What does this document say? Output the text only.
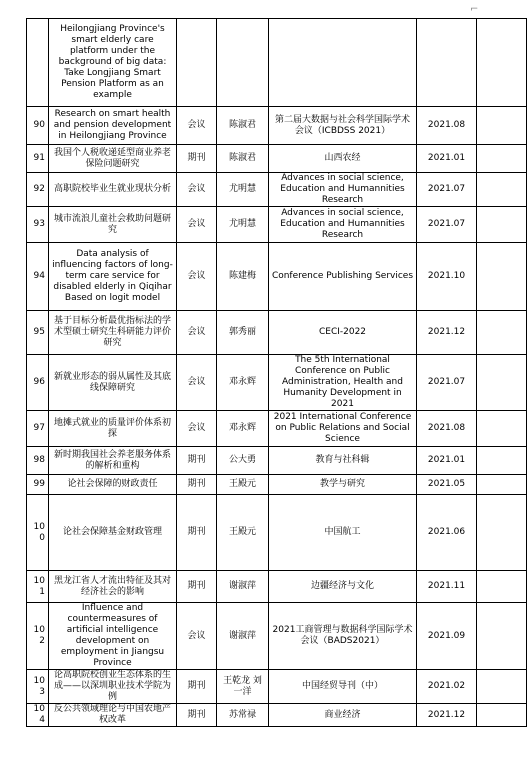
⌐
	Heilongjiang Province's smart elderly care platform under the background of big data: Take Longjiang Smart Pension Platform as an example					
90	Research on smart health and pension development in Heilongjiang Province	会议	陈淑君	第二届大数据与社会科学国际学术会议（ICBDSS 2021）	2021.08	
91	我国个人税收递延型商业养老保险问题研究	期刊	陈淑君	山西农经	2021.01	
92	高职院校毕业生就业现状分析	会议	尤明慧	Advances in social science, Education and Humannities Research	2021.07	
93	城市流浪儿童社会救助问题研究	会议	尤明慧	Advances in social science, Education and Humannities Research	2021.07	
94	Data analysis of influencing factors of long-term care service for disabled elderly in Qiqihar Based on logit model	会议	陈建梅	Conference Publishing Services	2021.10	
95	基于目标分析最优指标法的学术型硕士研究生科研能力评价研究	会议	郭秀丽	CECI-2022	2021.12	
96	新就业形态的弱从属性及其底线保障研究	会议	邓永辉	The 5th International Conference on Public Administration, Health and Humanity Development in 2021	2021.07	
97	地摊式就业的质量评价体系初探	会议	邓永辉	2021 International Conference on Public Relations and Social Science	2021.08	
98	新时期我国社会养老服务体系的解析和重构	期刊	公大勇	教育与社科辑	2021.01	
99	论社会保障的财政责任	期刊	王殿元	教学与研究	2021.05	
100	论社会保障基金财政管理	期刊	王殿元	中国航工	2021.06	
101	黑龙江省人才流出特征及其对经济社会的影响	期刊	谢淑萍	边疆经济与文化	2021.11	
102	Influence and countermeasures of artificial intelligence development on employment in Jiangsu Province	会议	谢淑萍	2021工商管理与数据科学国际学术会议（BADS2021）	2021.09	
103	论高职院校创业生态体系的生成——以深圳职业技术学院为例	期刊	王乾龙 刘一洋	中国经贸导刊（中）	2021.02	
104	反公共领域理论与中国农地产权改革	期刊	苏常禄	商业经济	2021.12	
